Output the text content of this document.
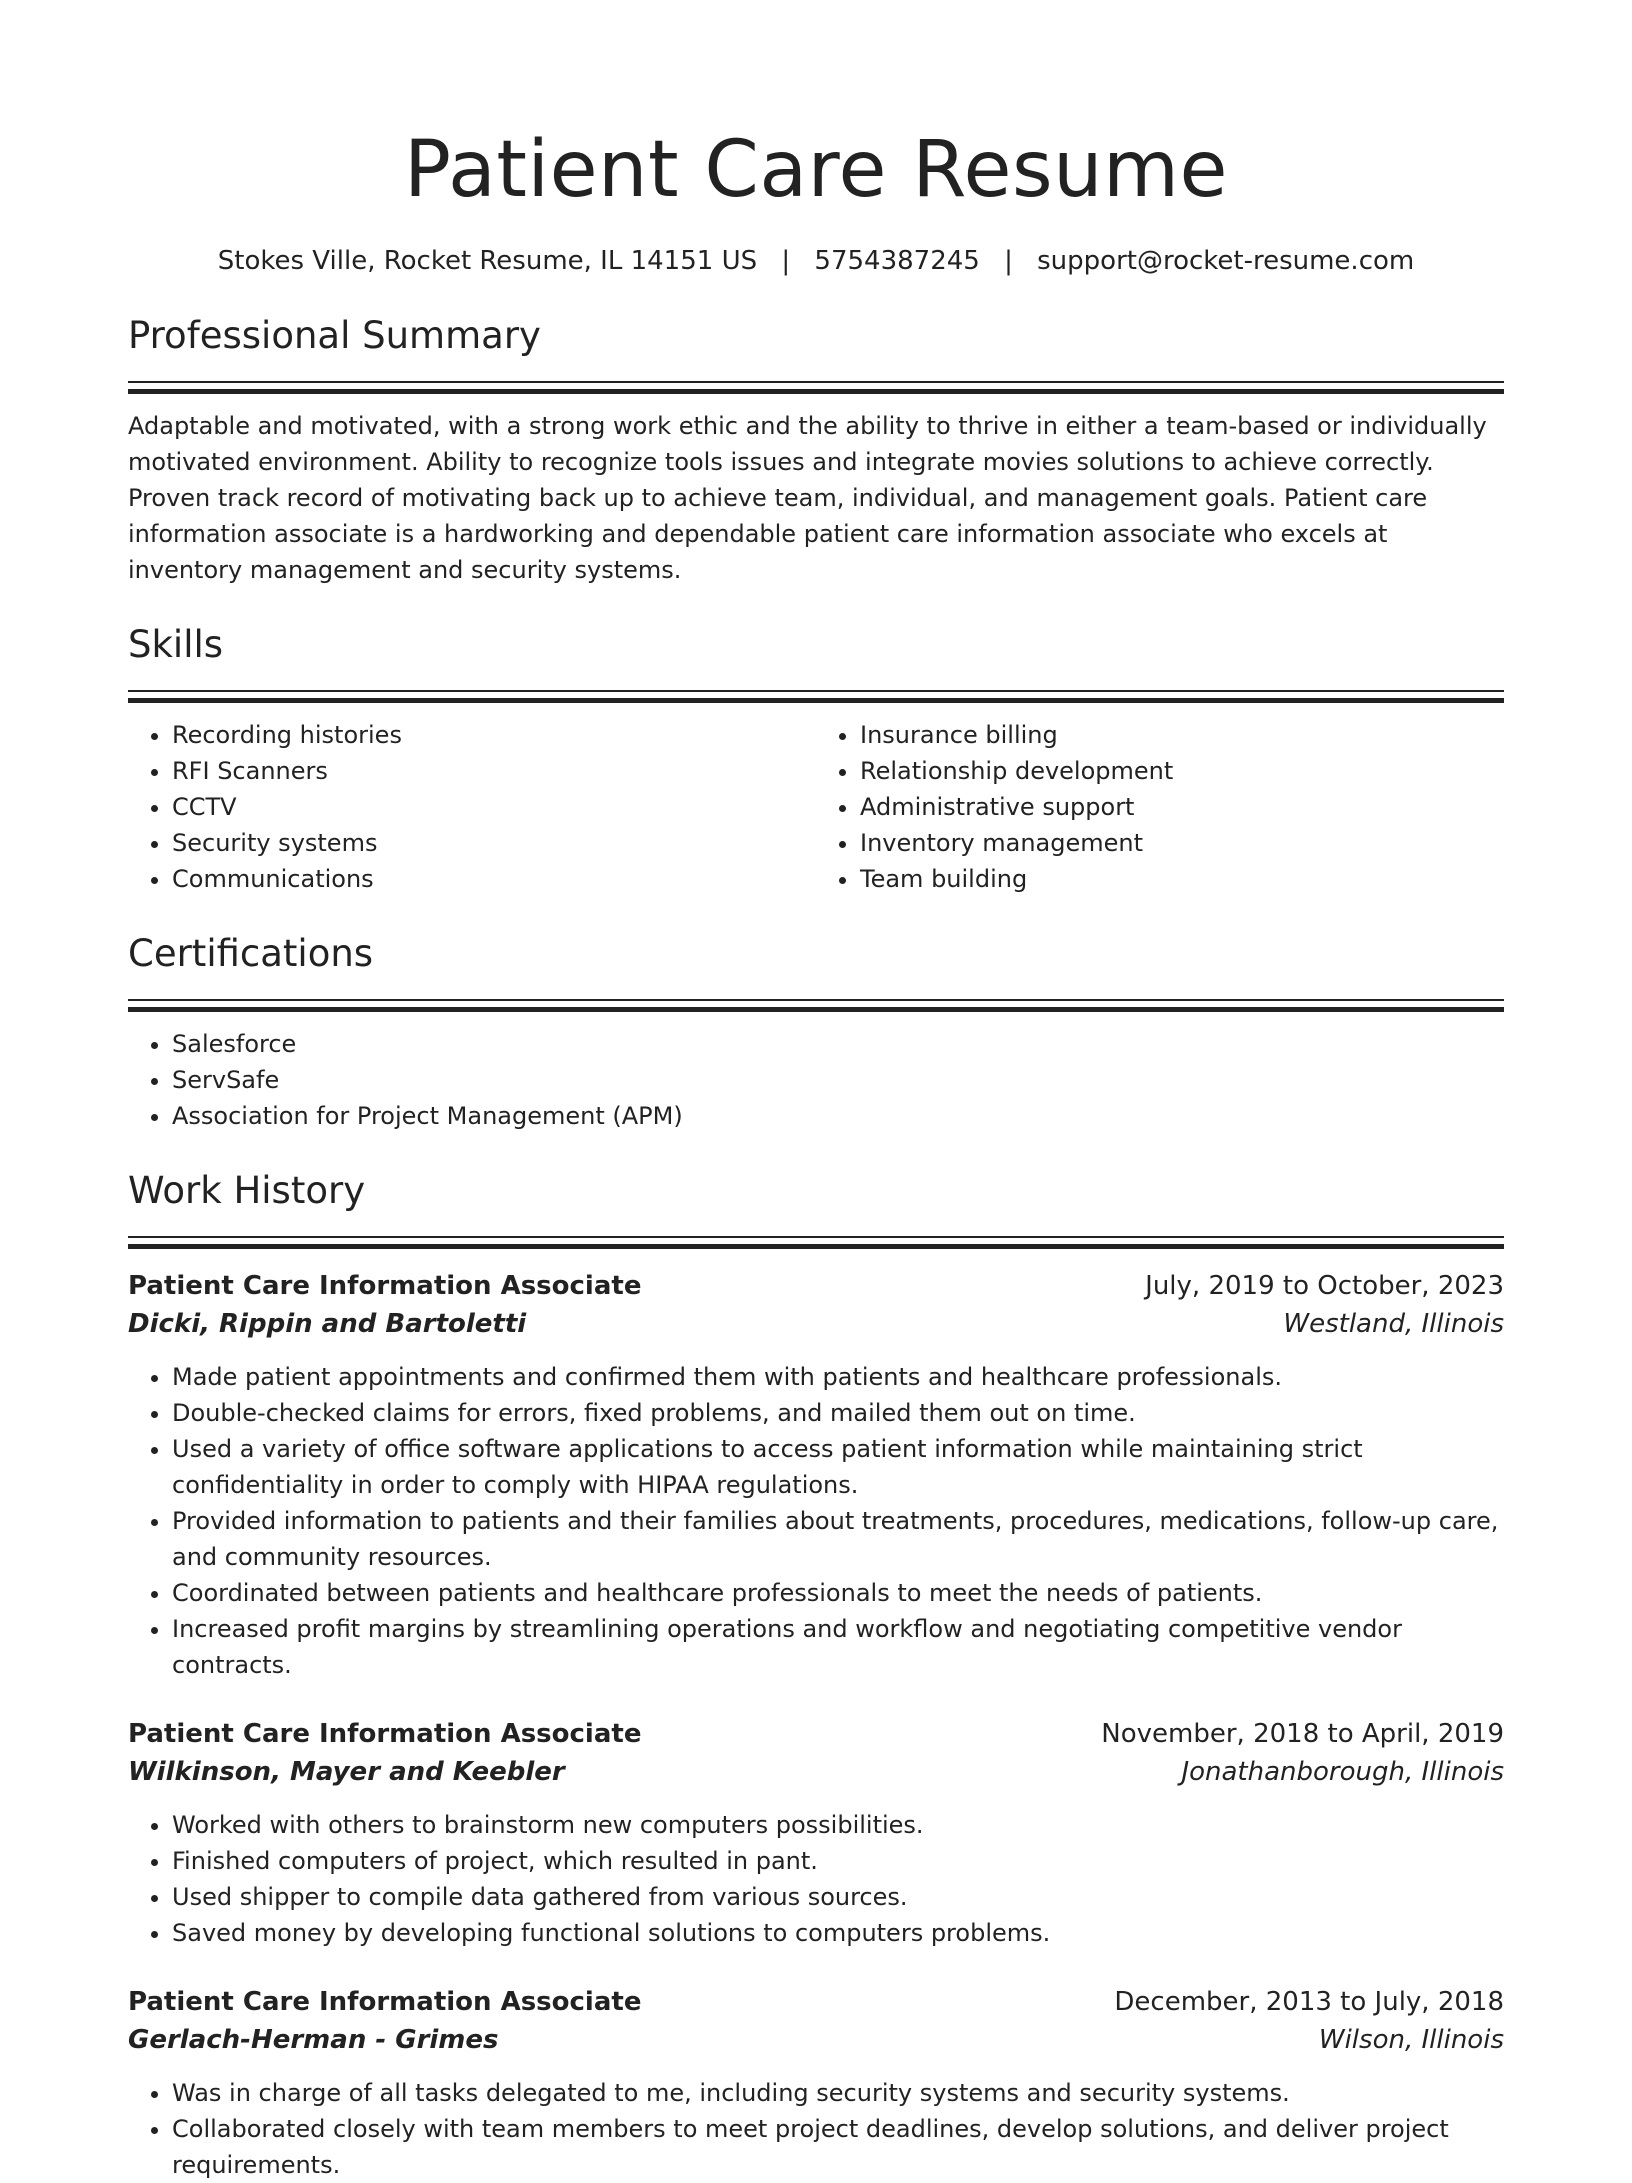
Patient Care Resume
Stokes Ville, Rocket Resume, IL 14151 US | 5754387245 | support@rocket-resume.com
Professional Summary

Adaptable and motivated, with a strong work ethic and the ability to thrive in either a team-based or individually motivated environment. Ability to recognize tools issues and integrate movies solutions to achieve correctly. Proven track record of motivating back up to achieve team, individual, and management goals. Patient care information associate is a hardworking and dependable patient care information associate who excels at inventory management and security systems.

Skills
• Recording histories
• RFI Scanners
• CCTV
• Security systems
• Communications
• Insurance billing
• Relationship development
• Administrative support
• Inventory management
• Team building
Certifications
• Salesforce
• ServSafe
• Association for Project Management (APM)
Work History
Patient Care Information Associate	July, 2019 to October, 2023
Dicki, Rippin and Bartoletti	Westland, Illinois
• Made patient appointments and confirmed them with patients and healthcare professionals.
• Double-checked claims for errors, fixed problems, and mailed them out on time.
• Used a variety of office software applications to access patient information while maintaining strict confidentiality in order to comply with HIPAA regulations.
• Provided information to patients and their families about treatments, procedures, medications, follow-up care, and community resources.
• Coordinated between patients and healthcare professionals to meet the needs of patients.
• Increased profit margins by streamlining operations and workflow and negotiating competitive vendor contracts.
Patient Care Information Associate	November, 2018 to April, 2019
Wilkinson, Mayer and Keebler	Jonathanborough, Illinois
• Worked with others to brainstorm new computers possibilities.
• Finished computers of project, which resulted in pant.
• Used shipper to compile data gathered from various sources.
• Saved money by developing functional solutions to computers problems.
Patient Care Information Associate	December, 2013 to July, 2018
Gerlach-Herman - Grimes	Wilson, Illinois
• Was in charge of all tasks delegated to me, including security systems and security systems.
• Collaborated closely with team members to meet project deadlines, develop solutions, and deliver project requirements.
